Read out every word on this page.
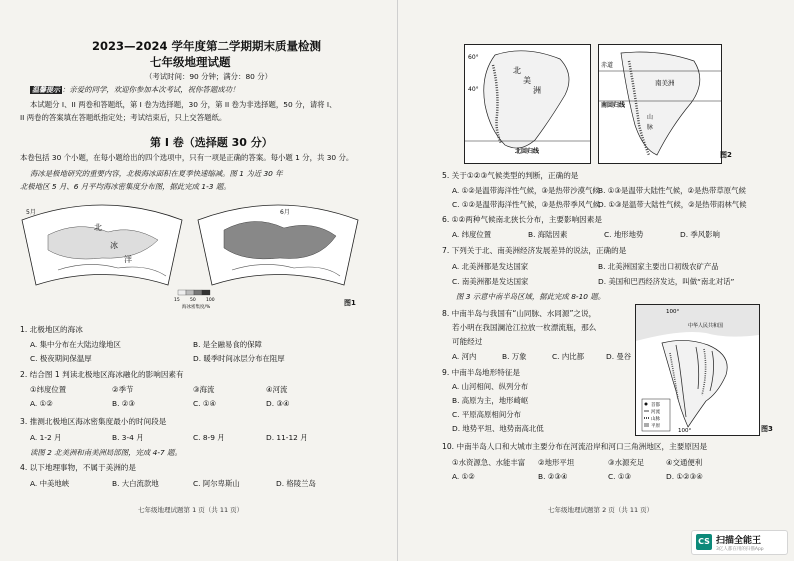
2023—2024 学年度第二学期期末质量检测
七年级地理试题
（考试时间：90 分钟；满分：80 分）
温馨提示 ：亲爱的同学，欢迎你参加本次考试，祝你答题成功！
本试题分 I、II 两卷和答题纸，第 I 卷为选择题，30 分，第 II 卷为非选择题，50 分，请将 I、
II 两卷的答案填在答题纸指定处；考试结束后，只上交答题纸。
第 I 卷（选择题 30 分）
本卷包括 30 个小题，在每小题给出的四个选项中，只有一项是正确的答案。每小题 1 分，共 30 分。
海冰是极地研究的重要内容，北极海冰面积在夏季快速缩减。图 1 为近 30 年
北极地区 5 月、6 月平均海冰密集度分布图，据此完成 1-3 题。
5月	6月
北
冰
洋
15 50 100
海冰密集度/%
图1
1. 北极地区的海冰
A. 集中分布在大陆边缘地区	B. 是全融易食的保障
C. 极夜期间保温厚	D. 暖季时间冰层分布在阻厚
2. 结合图 1 判读北极地区海冰融化的影响因素有
①纬度位置	②季节	③海流	④河流
A. ①②	B. ②③	C. ①④	D. ③④
3. 推测北极地区海冰密集度最小的时间段是
A. 1-2 月	B. 3-4 月	C. 8-9 月	D. 11-12 月
读图 2 北美洲和南美洲局部图，完成 4-7 题。
4. 以下地理事物，不属于美洲的是
A. 中美地峡	B. 大白流款地	C. 阿尔卑斯山	D. 格陵兰岛
七年级地理试题第 1 页（共 11 页）
60°
40°
北
美
洲
北回归线
赤道
南美洲
南回归线
山
脉
图2
5. 关于①②③气候类型的判断，正确的是
A. ①②是温带海洋性气候，③是热带沙漠气候
B. ①③是温带大陆性气候，②是热带草原气候
C. ①②是温带海洋性气候，③是热带季风气候
D. ①③是温带大陆性气候，②是热带雨林气候
6. ①②两种气候南北狭长分布，主要影响因素是
A. 纬度位置	B. 海陆因素	C. 地形地势	D. 季风影响
7. 下列关于北、南美洲经济发展差异的说法，正确的是
A. 北美洲都是发达国家	B. 北美洲国家主要出口初级农矿产品
C. 南美洲都是发达国家	D. 美国和巴西经济发达，叫做“南北对话”
图 3 示意中南半岛区域，据此完成 8-10 题。
8. 中南半岛与我国有“山同脉、水同源”之说，
若小明在我国澜沧江拉放一枚漂流瓶，那么
可能经过
A. 河内	B. 万象	C. 内比都	D. 曼谷
9. 中南半岛地形特征是
A. 山河相间、纵列分布
B. 高原为主，地形崎岖
C. 平原高原相间分布
D. 地势平坦、地势南高北低
100°
100°
中华人民共和国
首都
河流
山脉
平原	图3
10. 中南半岛人口和大城市主要分布在河流沿岸和河口三角洲地区，主要原因是
①水资源急、水能丰富 ②地形平坦	③水源充足	④交通便利
A. ①②	B. ②③④	C. ①③	D. ①②③④
七年级地理试题第 2 页（共 11 页）
CS 扫描全能王
3亿人都在用的扫描App
